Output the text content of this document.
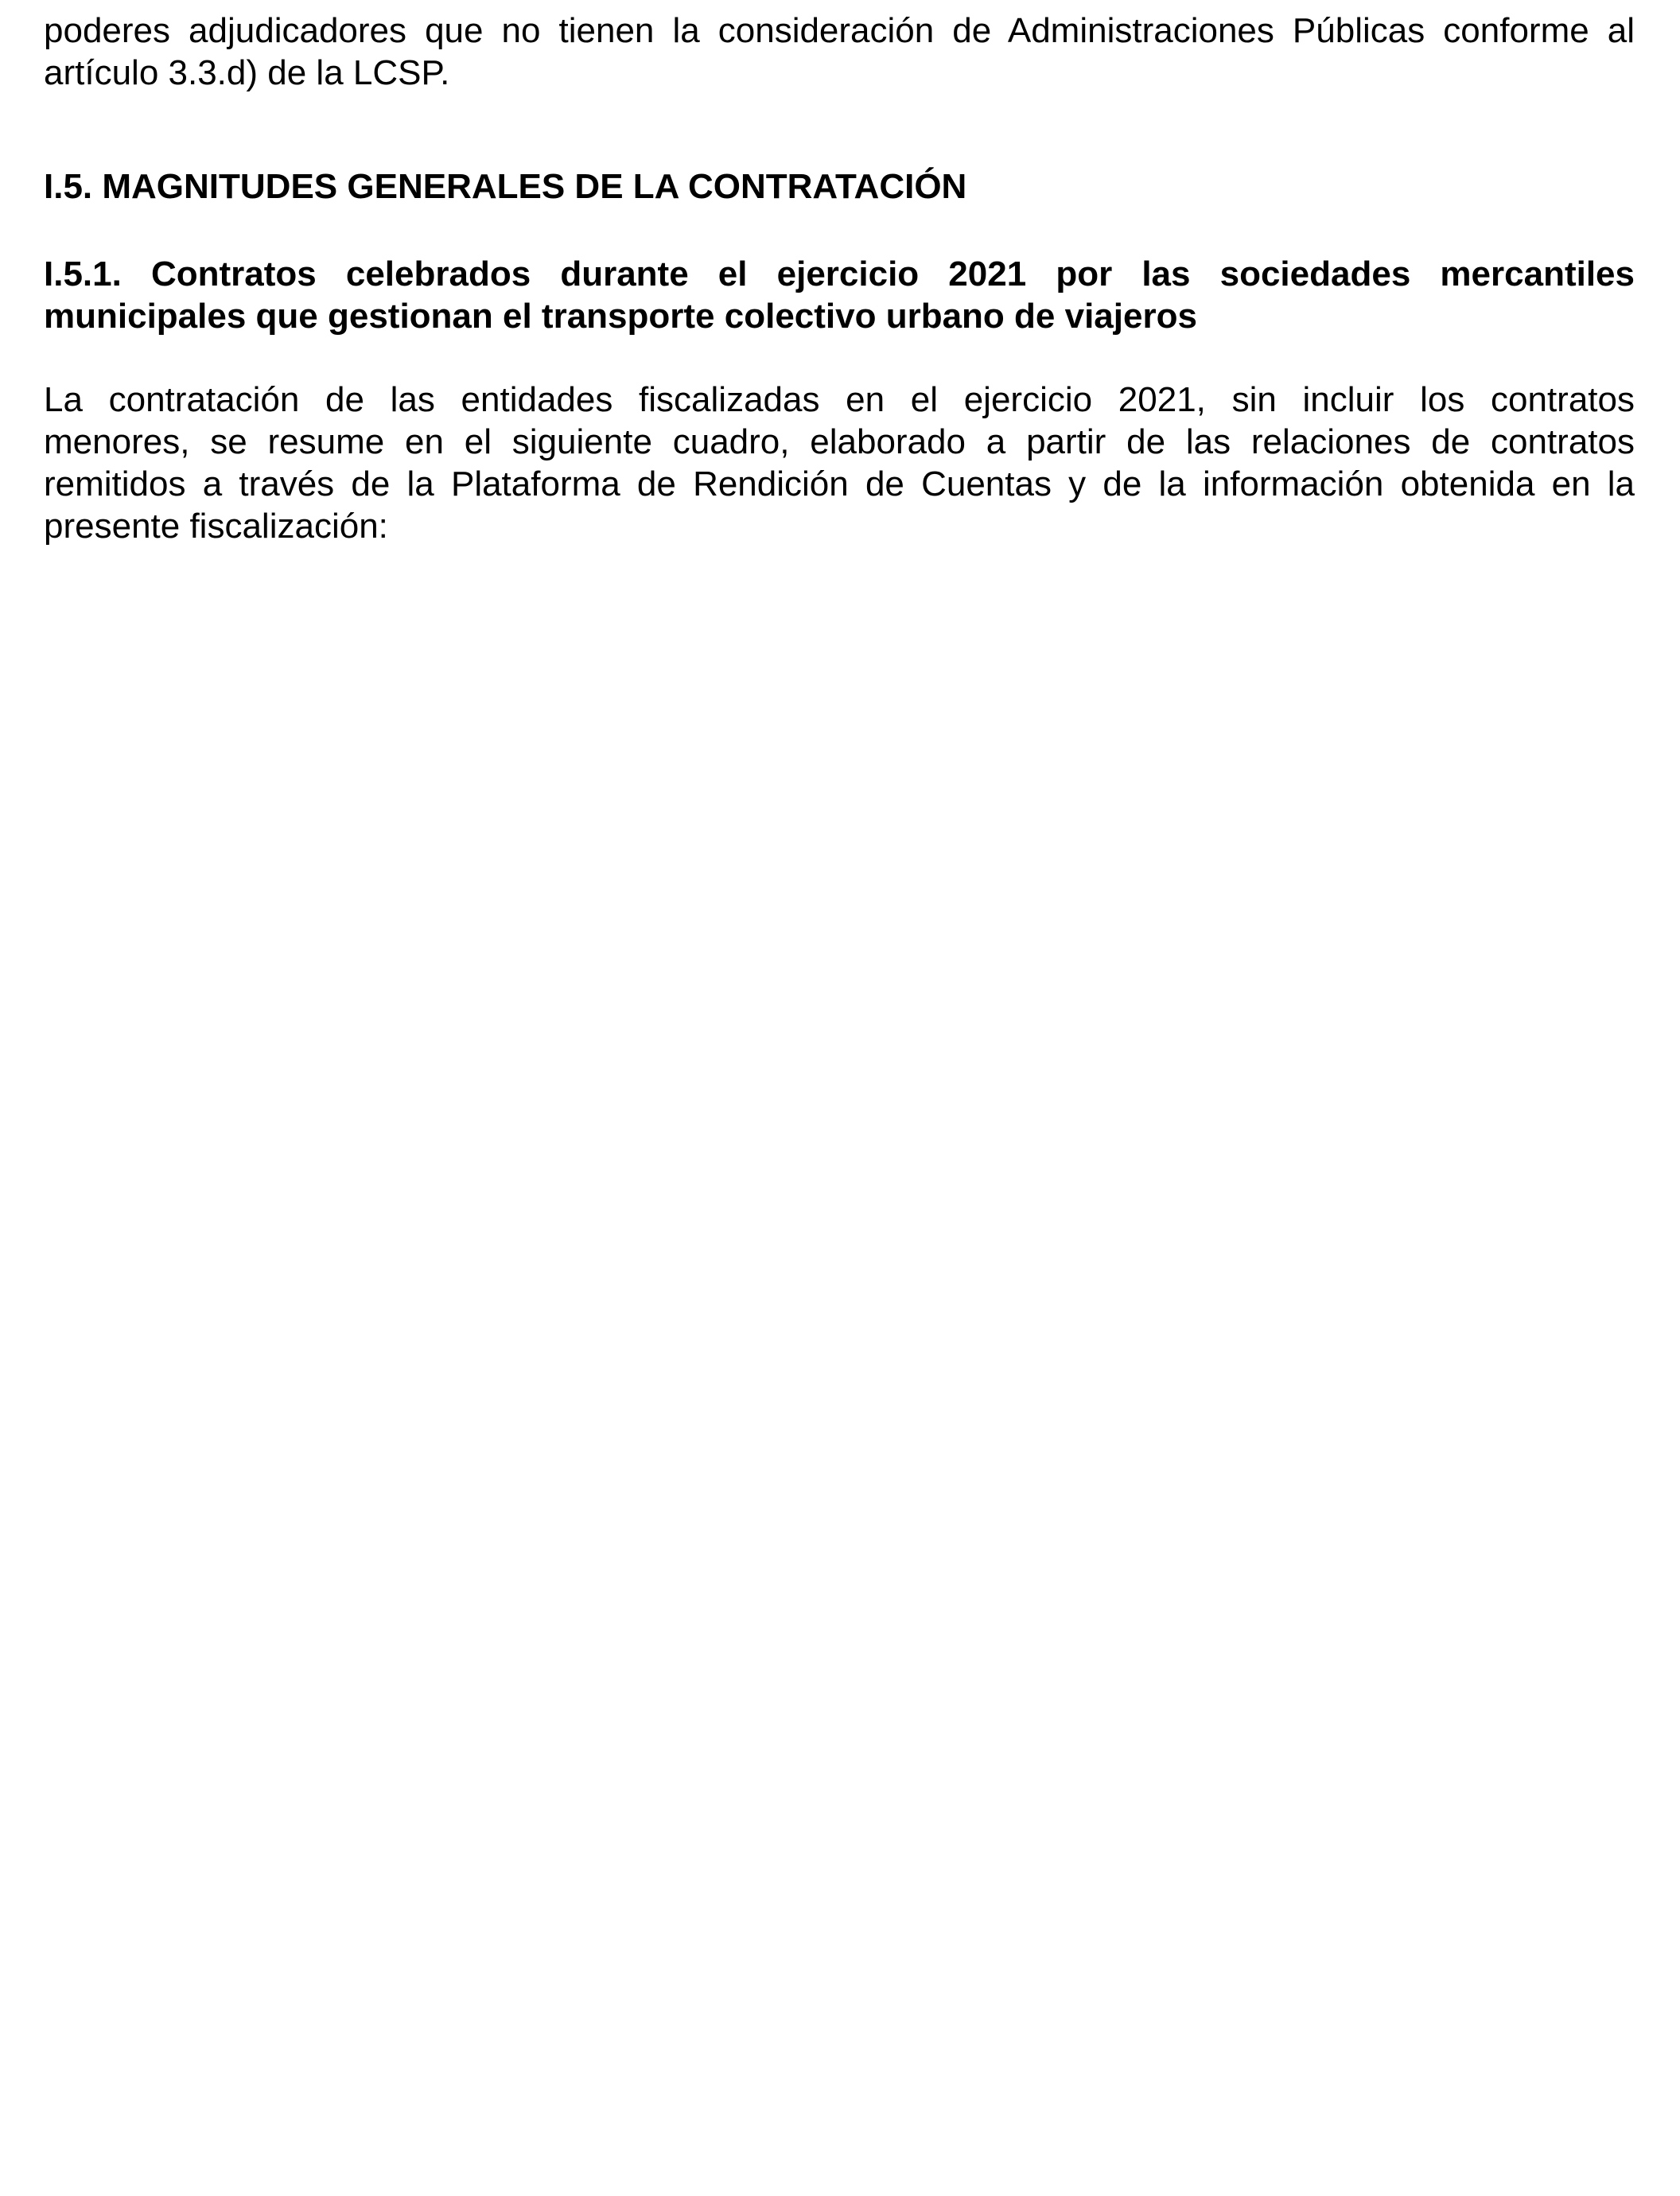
poderes adjudicadores que no tienen la consideración de Administraciones Públicas conforme al
artículo 3.3.d) de la LCSP.

I.5. MAGNITUDES GENERALES DE LA CONTRATACIÓN
I.5.1. Contratos celebrados durante el ejercicio 2021 por las sociedades mercantiles
municipales que gestionan el transporte colectivo urbano de viajeros

La contratación de las entidades fiscalizadas en el ejercicio 2021, sin incluir los contratos
menores, se resume en el siguiente cuadro, elaborado a partir de las relaciones de contratos
remitidos a través de la Plataforma de Rendición de Cuentas y de la información obtenida en la
presente fiscalización:
